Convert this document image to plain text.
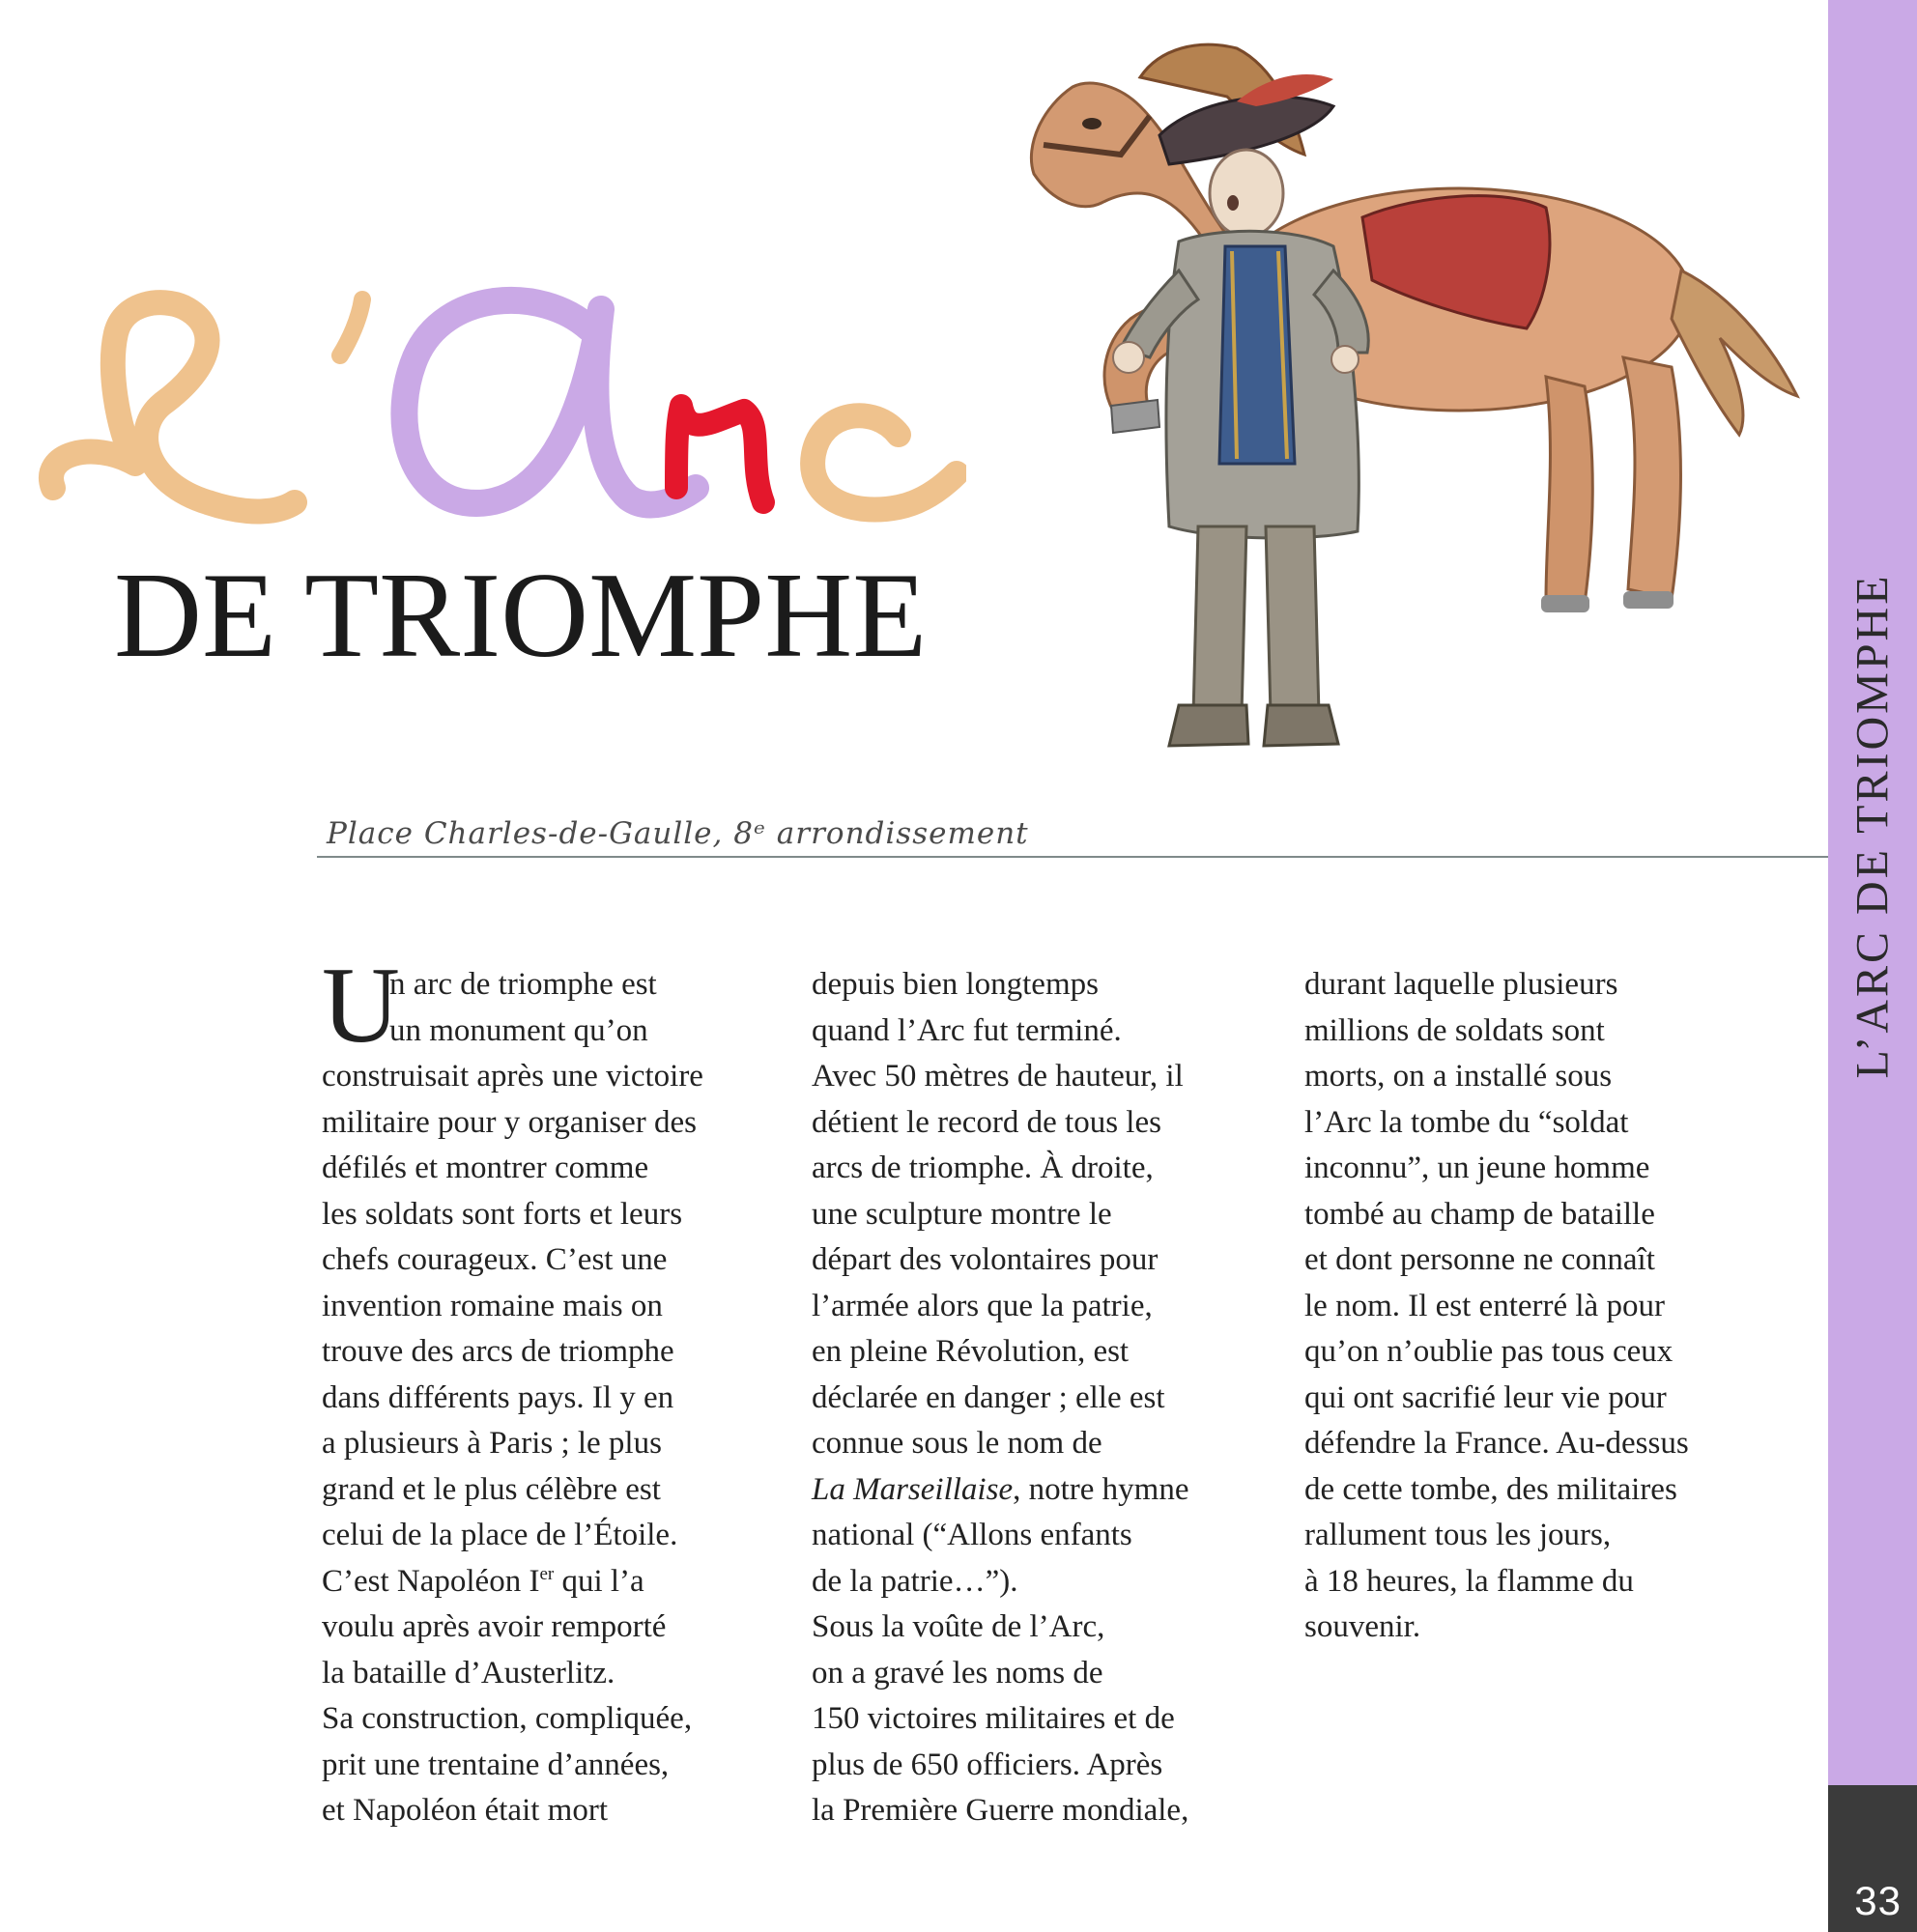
L’ARC DE TRIOMPHE
33
DE TRIOMPHE
Place Charles-de-Gaulle, 8ᵉ arrondissement
U
n arc de triomphe est
un monument qu’on
construisait après une victoire
militaire pour y organiser des
défilés et montrer comme
les soldats sont forts et leurs
chefs courageux. C’est une
invention romaine mais on
trouve des arcs de triomphe
dans différents pays. Il y en
a plusieurs à Paris ; le plus
grand et le plus célèbre est
celui de la place de l’Étoile.
C’est Napoléon Ier qui l’a
voulu après avoir remporté
la bataille d’Austerlitz.
Sa construction, compliquée,
prit une trentaine d’années,
et Napoléon était mort
depuis bien longtemps
quand l’Arc fut terminé.
Avec 50 mètres de hauteur, il
détient le record de tous les
arcs de triomphe. À droite,
une sculpture montre le
départ des volontaires pour
l’armée alors que la patrie,
en pleine Révolution, est
déclarée en danger ; elle est
connue sous le nom de
La Marseillaise, notre hymne
national (“Allons enfants
de la patrie…”).
Sous la voûte de l’Arc,
on a gravé les noms de
150 victoires militaires et de
plus de 650 officiers. Après
la Première Guerre mondiale,
durant laquelle plusieurs
millions de soldats sont
morts, on a installé sous
l’Arc la tombe du “soldat
inconnu”, un jeune homme
tombé au champ de bataille
et dont personne ne connaît
le nom. Il est enterré là pour
qu’on n’oublie pas tous ceux
qui ont sacrifié leur vie pour
défendre la France. Au-dessus
de cette tombe, des militaires
rallument tous les jours,
à 18 heures, la flamme du
souvenir.
